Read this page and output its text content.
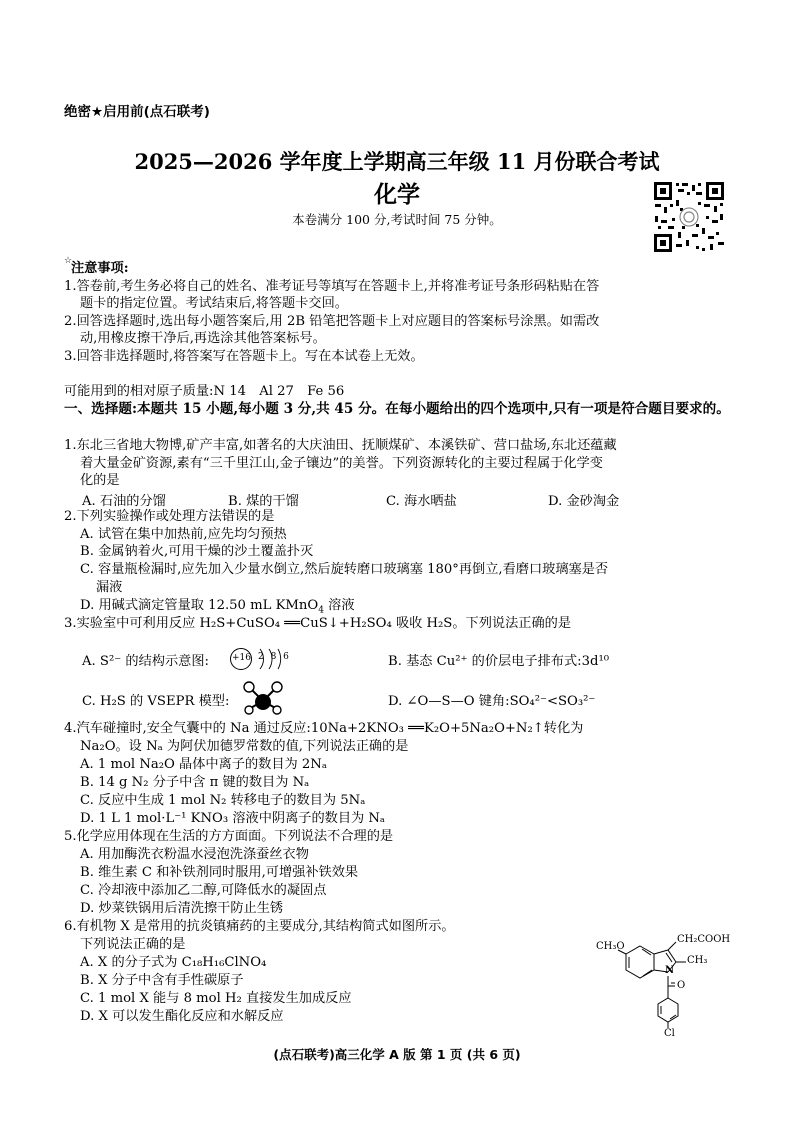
绝密★启用前(点石联考)
2025—2026 学年度上学期高三年级 11 月份联合考试
化学
本卷满分 100 分,考试时间 75 分钟。
☆
注意事项:
1.答卷前,考生务必将自己的姓名、准考证号等填写在答题卡上,并将准考证号条形码粘贴在答
题卡的指定位置。考试结束后,将答题卡交回。
2.回答选择题时,选出每小题答案后,用 2B 铅笔把答题卡上对应题目的答案标号涂黑。如需改
动,用橡皮擦干净后,再选涂其他答案标号。
3.回答非选择题时,将答案写在答题卡上。写在本试卷上无效。
可能用到的相对原子质量:N 14　Al 27　Fe 56
一、选择题:本题共 15 小题,每小题 3 分,共 45 分。在每小题给出的四个选项中,只有一项是符合题目要求的。
1.东北三省地大物博,矿产丰富,如著名的大庆油田、抚顺煤矿、本溪铁矿、营口盐场,东北还蕴藏
着大量金矿资源,素有“三千里江山,金子镶边”的美誉。下列资源转化的主要过程属于化学变
化的是
A. 石油的分馏	B. 煤的干馏	C. 海水晒盐	D. 金砂淘金
2.下列实验操作或处理方法错误的是
A. 试管在集中加热前,应先均匀预热
B. 金属钠着火,可用干燥的沙土覆盖扑灭
C. 容量瓶检漏时,应先加入少量水倒立,然后旋转磨口玻璃塞 180°再倒立,看磨口玻璃塞是否
漏液
D. 用碱式滴定管量取 12.50 mL KMnO$_4$ 溶液
3.实验室中可利用反应 H₂S+CuSO₄ ══CuS↓+H₂SO₄ 吸收 H₂S。下列说法正确的是
A. S²⁻ 的结构示意图:	+16 2 8 6	B. 基态 Cu²⁺ 的价层电子排布式:3d¹⁰
C. H₂S 的 VSEPR 模型:	D. ∠O—S—O 键角:SO₄²⁻<SO₃²⁻
4.汽车碰撞时,安全气囊中的 Na 通过反应:10Na+2KNO₃ ══K₂O+5Na₂O+N₂↑转化为
Na₂O。设 Nₐ 为阿伏加德罗常数的值,下列说法正确的是
A. 1 mol Na₂O 晶体中离子的数目为 2Nₐ
B. 14 g N₂ 分子中含 π 键的数目为 Nₐ
C. 反应中生成 1 mol N₂ 转移电子的数目为 5Nₐ
D. 1 L 1 mol·L⁻¹ KNO₃ 溶液中阴离子的数目为 Nₐ
5.化学应用体现在生活的方方面面。下列说法不合理的是
A. 用加酶洗衣粉温水浸泡洗涤蚕丝衣物
B. 维生素 C 和补铁剂同时服用,可增强补铁效果
C. 冷却液中添加乙二醇,可降低水的凝固点
D. 炒菜铁锅用后清洗擦干防止生锈
6.有机物 X 是常用的抗炎镇痛药的主要成分,其结构简式如图所示。
下列说法正确的是
A. X 的分子式为 C₁₈H₁₆ClNO₄
B. X 分子中含有手性碳原子
C. 1 mol X 能与 8 mol H₂ 直接发生加成反应
D. X 可以发生酯化反应和水解反应
CH₃O
CH₂COOH
CH₃
N
O
Cl
(点石联考)高三化学 A 版 第 1 页 (共 6 页)
